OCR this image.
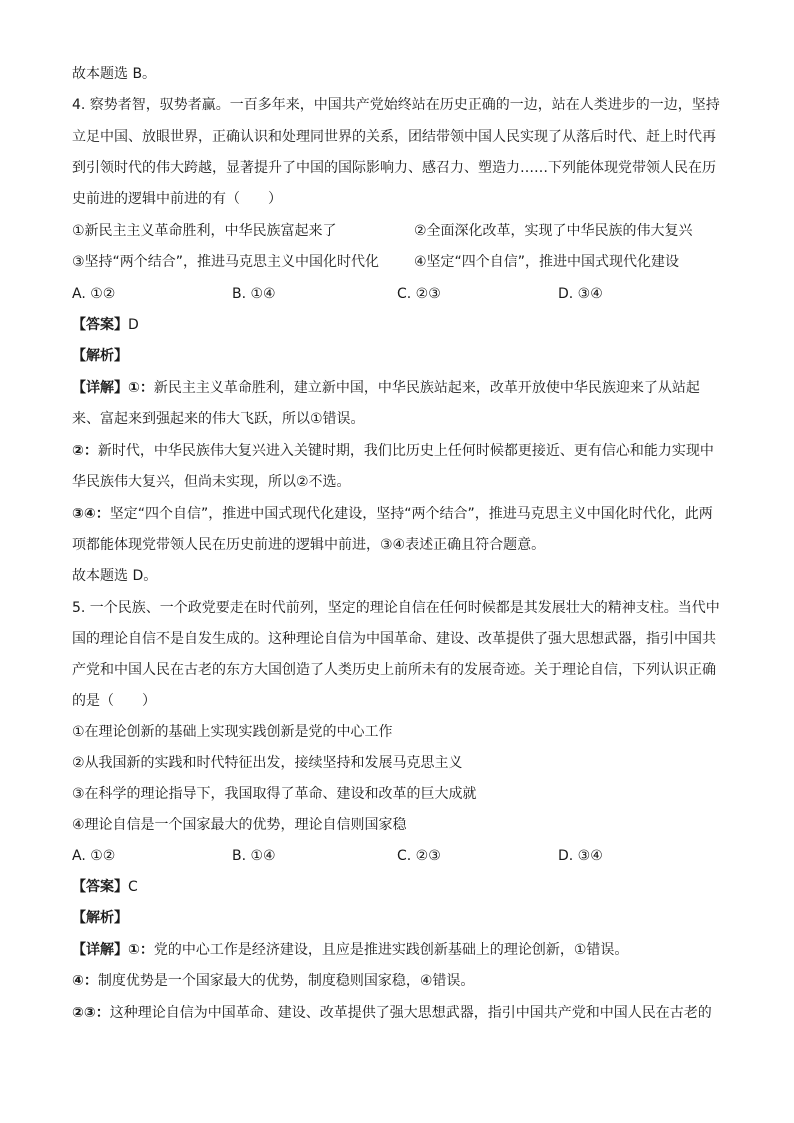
故本题选 B。
4. 察势者智，驭势者赢。一百多年来，中国共产党始终站在历史正确的一边，站在人类进步的一边，坚持
立足中国、放眼世界，正确认识和处理同世界的关系，团结带领中国人民实现了从落后时代、赶上时代再
到引领时代的伟大跨越，显著提升了中国的国际影响力、感召力、塑造力……下列能体现党带领人民在历
史前进的逻辑中前进的有（　　）
①新民主主义革命胜利，中华民族富起来了	②全面深化改革，实现了中华民族的伟大复兴
③坚持“两个结合”，推进马克思主义中国化时代化 ④坚定“四个自信”，推进中国式现代化建设
A. ①②	B. ①④	C. ②③	D. ③④
【答案】D
【解析】
【详解】①：新民主主义革命胜利，建立新中国，中华民族站起来，改革开放使中华民族迎来了从站起
来、富起来到强起来的伟大飞跃，所以①错误。
②：新时代，中华民族伟大复兴进入关键时期，我们比历史上任何时候都更接近、更有信心和能力实现中
华民族伟大复兴，但尚未实现，所以②不选。
③④：坚定“四个自信”，推进中国式现代化建设，坚持“两个结合”，推进马克思主义中国化时代化，此两
项都能体现党带领人民在历史前进的逻辑中前进，③④表述正确且符合题意。
故本题选 D。
5. 一个民族、一个政党要走在时代前列，坚定的理论自信在任何时候都是其发展壮大的精神支柱。当代中
国的理论自信不是自发生成的。这种理论自信为中国革命、建设、改革提供了强大思想武器，指引中国共
产党和中国人民在古老的东方大国创造了人类历史上前所未有的发展奇迹。关于理论自信，下列认识正确
的是（　　）
①在理论创新的基础上实现实践创新是党的中心工作
②从我国新的实践和时代特征出发，接续坚持和发展马克思主义
③在科学的理论指导下，我国取得了革命、建设和改革的巨大成就
④理论自信是一个国家最大的优势，理论自信则国家稳
A. ①②	B. ①④	C. ②③	D. ③④
【答案】C
【解析】
【详解】①：党的中心工作是经济建设，且应是推进实践创新基础上的理论创新，①错误。
④：制度优势是一个国家最大的优势，制度稳则国家稳，④错误。
②③：这种理论自信为中国革命、建设、改革提供了强大思想武器，指引中国共产党和中国人民在古老的
